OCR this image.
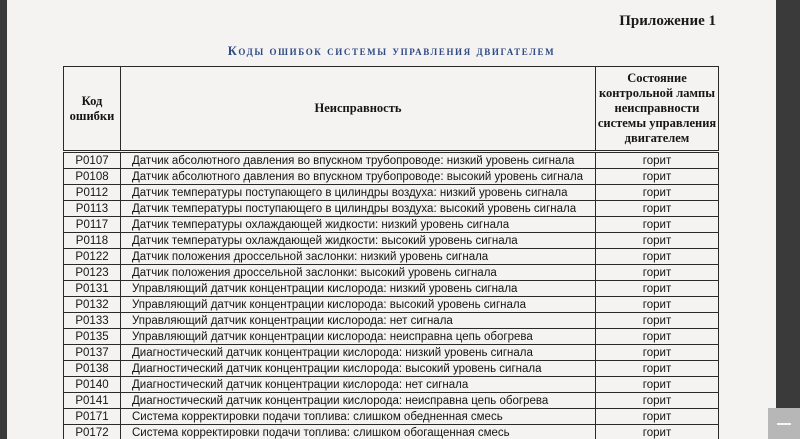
Приложение 1
Коды ошибок системы управления двигателем
Код ошибки	Неисправность	Состояние контрольной лампы неисправности системы управления двигателем
P0107	Датчик абсолютного давления во впускном трубопроводе: низкий уровень сигнала	горит
P0108	Датчик абсолютного давления во впускном трубопроводе: высокий уровень сигнала	горит
P0112	Датчик температуры поступающего в цилиндры воздуха: низкий уровень сигнала	горит
P0113	Датчик температуры поступающего в цилиндры воздуха: высокий уровень сигнала	горит
P0117	Датчик температуры охлаждающей жидкости: низкий уровень сигнала	горит
P0118	Датчик температуры охлаждающей жидкости: высокий уровень сигнала	горит
P0122	Датчик положения дроссельной заслонки: низкий уровень сигнала	горит
P0123	Датчик положения дроссельной заслонки: высокий уровень сигнала	горит
P0131	Управляющий датчик концентрации кислорода: низкий уровень сигнала	горит
P0132	Управляющий датчик концентрации кислорода: высокий уровень сигнала	горит
P0133	Управляющий датчик концентрации кислорода: нет сигнала	горит
P0135	Управляющий датчик концентрации кислорода: неисправна цепь обогрева	горит
P0137	Диагностический датчик концентрации кислорода: низкий уровень сигнала	горит
P0138	Диагностический датчик концентрации кислорода: высокий уровень сигнала	горит
P0140	Диагностический датчик концентрации кислорода: нет сигнала	горит
P0141	Диагностический датчик концентрации кислорода: неисправна цепь обогрева	горит
P0171	Система корректировки подачи топлива: слишком обедненная смесь	горит
P0172	Система корректировки подачи топлива: слишком обогащенная смесь	горит
